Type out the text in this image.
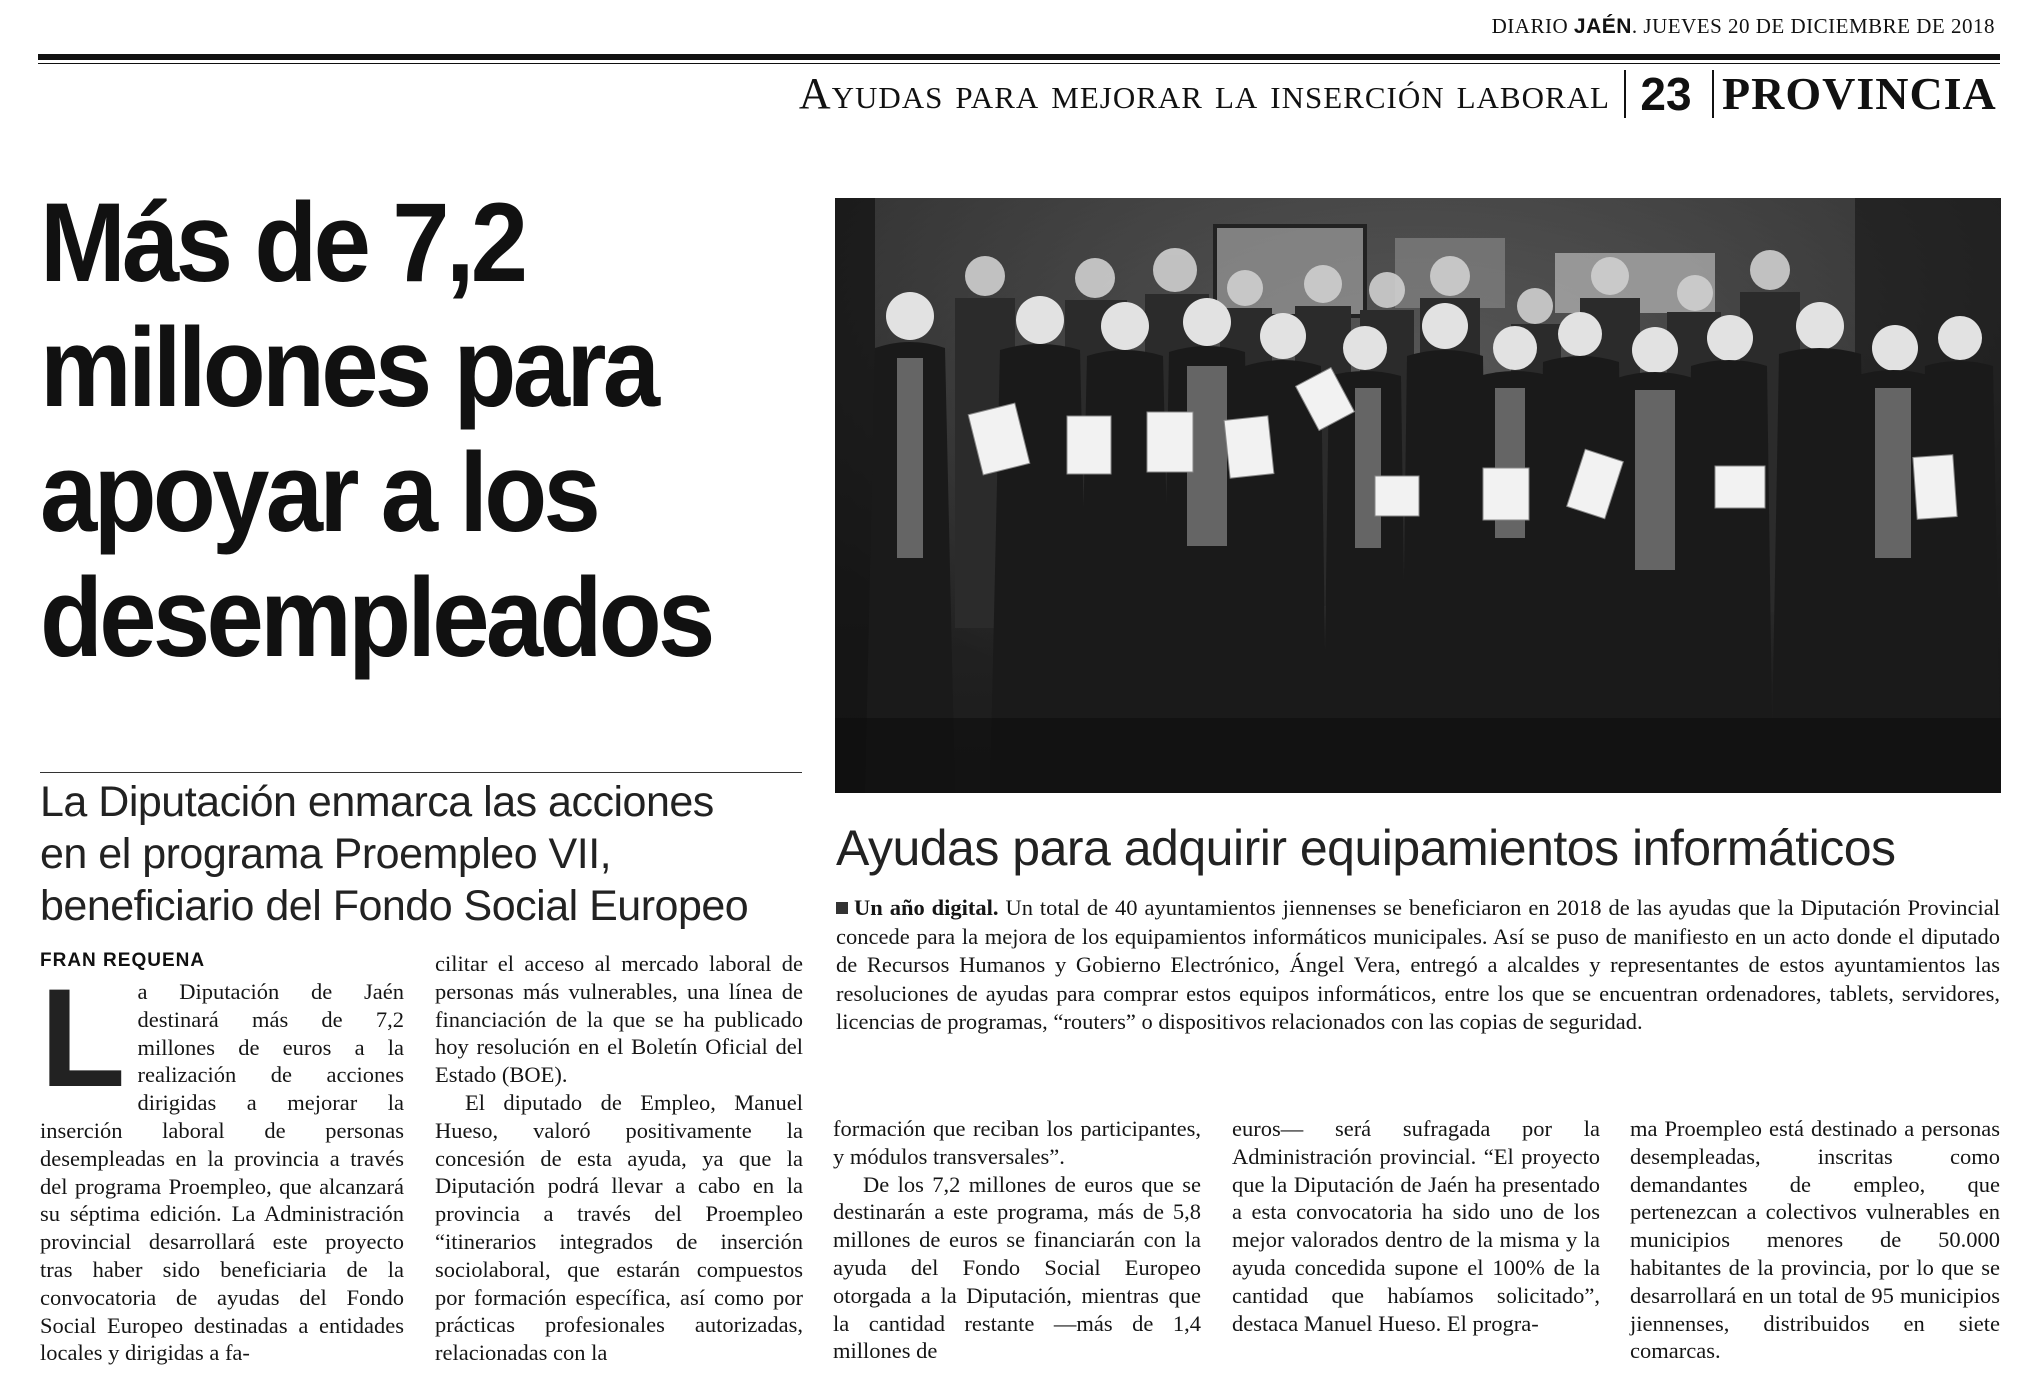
DIARIO JAÉN. JUEVES 20 DE DICIEMBRE DE 2018
Ayudas para mejorar la inserción laboral 23 PROVINCIA
Más de 7,2
millones para
apoyar a los
desempleados
La Diputación enmarca las acciones
en el programa Proempleo VII,
beneficiario del Fondo Social Europeo
FRAN REQUENA

La Diputación de Jaén destinará más de 7,2 millones de euros a la realización de acciones dirigidas a mejorar la inserción laboral de personas desempleadas en la provincia a través del programa Proempleo, que alcanzará su séptima edición. La Administración provincial desarrollará este proyecto tras haber sido beneficiaria de la convocatoria de ayudas del Fondo Social Europeo destinadas a entidades locales y dirigidas a fa-

cilitar el acceso al mercado laboral de personas más vulnerables, una línea de financiación de la que se ha publicado hoy resolución en el Boletín Oficial del Estado (BOE).

El diputado de Empleo, Manuel Hueso, valoró positivamente la concesión de esta ayuda, ya que la Diputación podrá llevar a cabo en la provincia a través del Proempleo “itinerarios integrados de inserción sociolaboral, que estarán compuestos por formación específica, así como por prácticas profesionales autorizadas, relacionadas con la

formación que reciban los participantes, y módulos transversales”.

De los 7,2 millones de euros que se destinarán a este programa, más de 5,8 millones de euros se financiarán con la ayuda del Fondo Social Europeo otorgada a la Diputación, mientras que la cantidad restante —más de 1,4 millones de

euros— será sufragada por la Administración provincial. “El proyecto que la Diputación de Jaén ha presentado a esta convocatoria ha sido uno de los mejor valorados dentro de la misma y la ayuda concedida supone el 100% de la cantidad que habíamos solicitado”, destaca Manuel Hueso. El progra-

ma Proempleo está destinado a personas desempleadas, inscritas como demandantes de empleo, que pertenezcan a colectivos vulnerables en municipios menores de 50.000 habitantes de la provincia, por lo que se desarrollará en un total de 95 municipios jiennenses, distribuidos en siete comarcas.

Ayudas para adquirir equipamientos informáticos
Un año digital. Un total de 40 ayuntamientos jiennenses se beneficiaron en 2018 de las ayudas que la Diputación Provincial concede para la mejora de los equipamientos informáticos municipales. Así se puso de manifiesto en un acto donde el diputado de Recursos Humanos y Gobierno Electrónico, Ángel Vera, entregó a alcaldes y representantes de estos ayuntamientos las resoluciones de ayudas para comprar estos equipos informáticos, entre los que se encuentran ordenadores, tablets, servidores, licencias de programas, “routers” o dispositivos relacionados con las copias de seguridad.
